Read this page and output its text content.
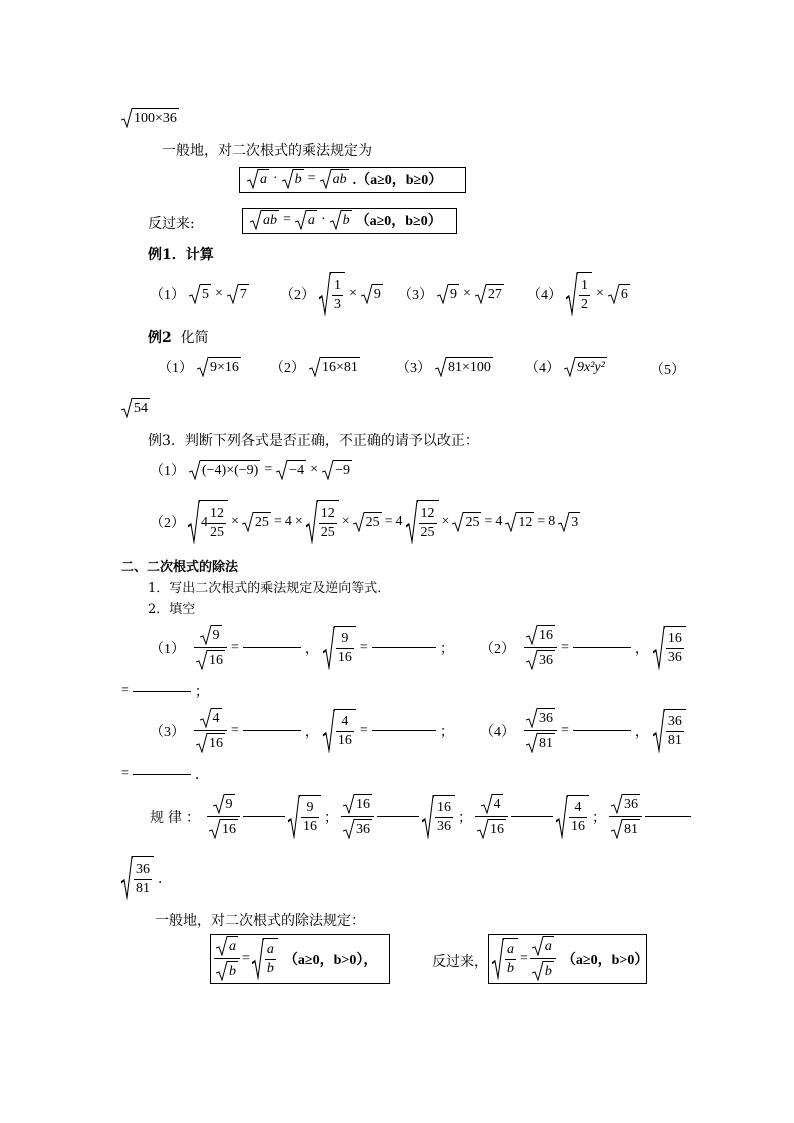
100×36
一般地，对二次根式的乘法规定为
a · b = ab .（a≥0，b≥0）
反过来:	ab = a · b （a≥0，b≥0）
例1．计算
（1） 5 × 7 $(2) \frac{1}{3} \times 9$ （3） 9 × 27 $(4) \frac{1}{2} \times 6$
例2 化简
（1） 9×16 （2） 16×81	（3） 81×100 （4） 9x²y²	（5）
54
例3．判断下列各式是否正确，不正确的请予以改正：
（1） (−4)×(−9) = −4 × −9
（2） $4 \frac{12}{25} \times 25 = 4 \times \frac{12}{25} \times 25 = 4 \frac{12}{25} \times 25 = 4$ 12 = 8 3
二、二次根式的除法
1．写出二次根式的乘法规定及逆向等式．
2．填空
$(1) \frac{9}{16}$ =	， $\frac{9}{16}$ =	； $(2) \frac{16}{36}$ =	， $\frac{16}{36}$
=	；
$(3) \frac{4}{16}$ =	， $\frac{4}{16}$ =	； $(4) \frac{36}{81}$ =	， $\frac{36}{81}$
=	．
规律： $\frac{9}{16}$	$\frac{9}{16}$ ； $\frac{16}{36}$	$\frac{16}{36}$ ； $\frac{4}{16}$	$\frac{4}{16}$ ； $\frac{36}{81}$
$\frac{36}{81}$ ．
一般地，对二次根式的除法规定：
$\frac{a}{b} = \frac{a}{b} (a\ge 0$，b>0），	反过来， $\frac{a}{b} = \frac{a}{b} (a\ge 0$，b>0）
